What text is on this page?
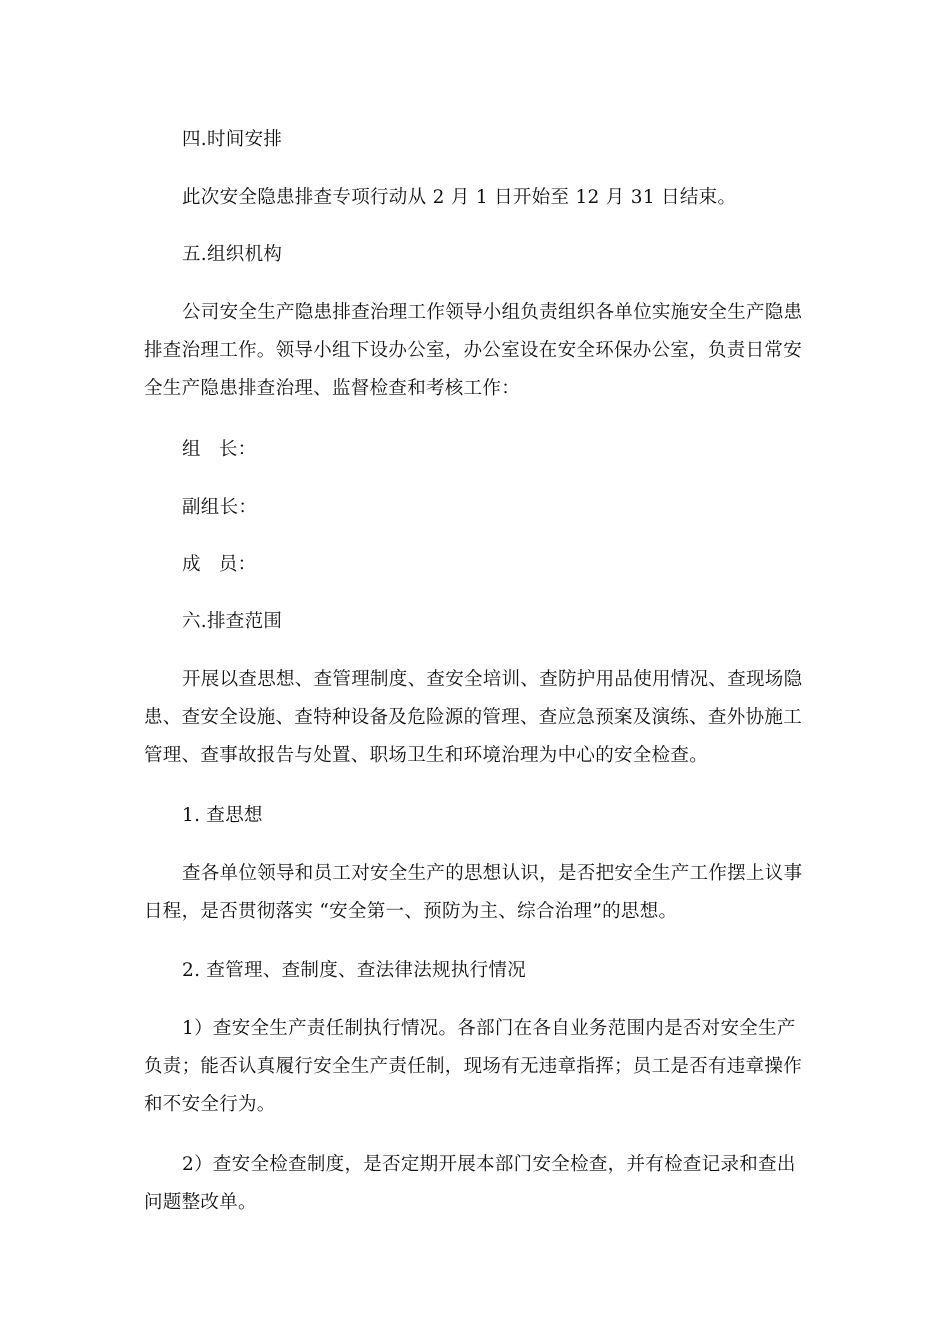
四.时间安排

此次安全隐患排查专项行动从 2 月 1 日开始至 12 月 31 日结束。

五.组织机构

公司安全生产隐患排查治理工作领导小组负责组织各单位实施安全生产隐患排查治理工作。领导小组下设办公室，办公室设在安全环保办公室，负责日常安全生产隐患排查治理、监督检查和考核工作：

组 长：

副组长：

成 员：

六.排查范围

开展以查思想、查管理制度、查安全培训、查防护用品使用情况、查现场隐患、查安全设施、查特种设备及危险源的管理、查应急预案及演练、查外协施工管理、查事故报告与处置、职场卫生和环境治理为中心的安全检查。

1. 查思想

查各单位领导和员工对安全生产的思想认识，是否把安全生产工作摆上议事日程，是否贯彻落实 “安全第一、预防为主、综合治理”的思想。

2. 查管理、查制度、查法律法规执行情况

1）查安全生产责任制执行情况。各部门在各自业务范围内是否对安全生产负责；能否认真履行安全生产责任制，现场有无违章指挥；员工是否有违章操作和不安全行为。

2）查安全检查制度，是否定期开展本部门安全检查，并有检查记录和查出问题整改单。
